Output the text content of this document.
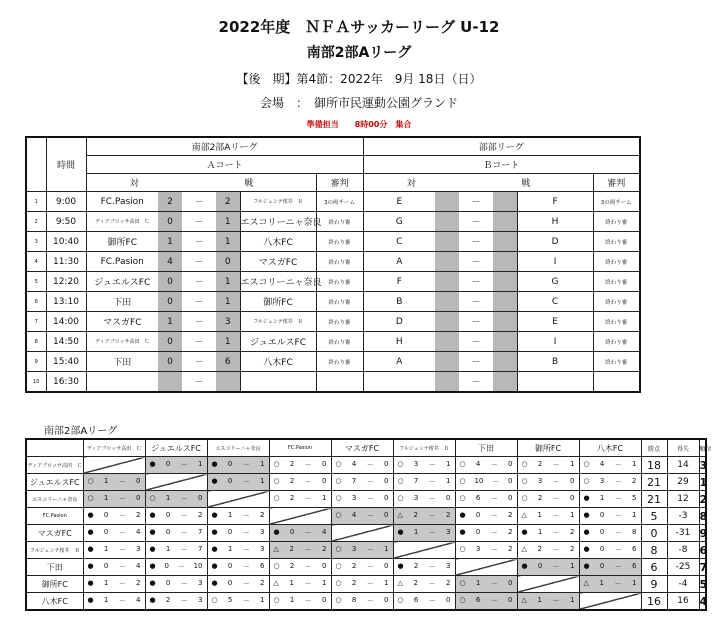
2022年度　ＮＦＡサッカーリーグ U-12
南部2部Aリーグ
【後　期】第4節：2022年　9月 18日（日）
会場　：　御所市民運動公園グランド
準備担当　　8時00分　集合
	時間	南部2部Aリーグ						部部リーグ					
		Ａコート						Ｂコート					
		対		戦			審判	対		戦			審判
1	9:00	FC.Pasion	2	－	2	フルジェンテ桜井　Ｂ	3の両チーム	E		－		F	3の両チーム
2	9:50	ディアブロッサ高田　Ｃ	0	－	1	エスコリーニャ奈良	終わり審	G		－		H	終わり審
3	10:40	御所FC	1	－	1	八木FC	終わり審	C		－		D	終わり審
4	11:30	FC.Pasion	4	－	0	マスガFC	終わり審	A		－		I	終わり審
5	12:20	ジュエルスFC	0	－	1	エスコリーニャ奈良	終わり審	F		－		G	終わり審
6	13:10	下田	0	－	1	御所FC	終わり審	B		－		C	終わり審
7	14:00	マスガFC	1	－	3	フルジェンテ桜井　Ｂ	終わり審	D		－		E	終わり審
8	14:50	ディアブロッサ高田　Ｃ	0	－	1	ジュエルスFC	終わり審	H		－		I	終わり審
9	15:40	下田	0	－	6	八木FC	終わり審	A		－		B	終わり審
10	16:30			－						－			
南部2部Aリーグ
	ディアブロッサ高田　Ｃ	ジュエルスFC	エスコリーニャ奈良	FC.Pasion	マスガFC	フルジェンテ桜井　Ｂ	下田	御所FC	八木FC	勝点	得失	順位
ディアブロッサ高田　Ｃ		● 0 － 1	● 0 － 1	○ 2 － 0	○ 4 － 0	○ 3 － 1	○ 4 － 0	○ 2 － 1	○ 4 － 1	18	14	3
ジュエルスFC	○ 1 － 0		● 0 － 1	○ 2 － 0	○ 7 － 0	○ 7 － 1	○ 10 － 0	○ 3 － 0	○ 3 － 2	21	29	1
エスコリーニャ奈良	○ 1 － 0	○ 1 － 0		○ 2 － 1	○ 3 － 0	○ 3 － 0	○ 6 － 0	○ 2 － 0	● 1 － 5	21	12	2
FC.Pasion	● 0 － 2	● 0 － 2	● 1 － 2		○ 4 － 0	△ 2 － 2	● 0 － 2	△ 1 － 1	● 0 － 1	5	-3	8
マスガFC	● 0 － 4	● 0 － 7	● 0 － 3	● 0 － 4		● 1 － 3	● 0 － 2	● 1 － 2	● 0 － 8	0	-31	9
フルジェンテ桜井　Ｂ	● 1 － 3	● 1 － 7	● 1 － 3	△ 2 － 2	○ 3 － 1		○ 3 － 2	△ 2 － 2	● 0 － 6	8	-8	6
下田	● 0 － 4	● 0 － 10	● 0 － 6	○ 2 － 0	○ 2 － 0	● 2 － 3		● 0 － 1	● 0 － 6	6	-25	7
御所FC	● 1 － 2	● 0 － 3	● 0 － 2	△ 1 － 1	○ 2 － 1	△ 2 － 2	○ 1 － 0		△ 1 － 1	9	-4	5
八木FC	● 1 － 4	● 2 － 3	○ 5 － 1	○ 1 － 0	○ 8 － 0	○ 6 － 0	○ 6 － 0	△ 1 － 1		16	16	4
